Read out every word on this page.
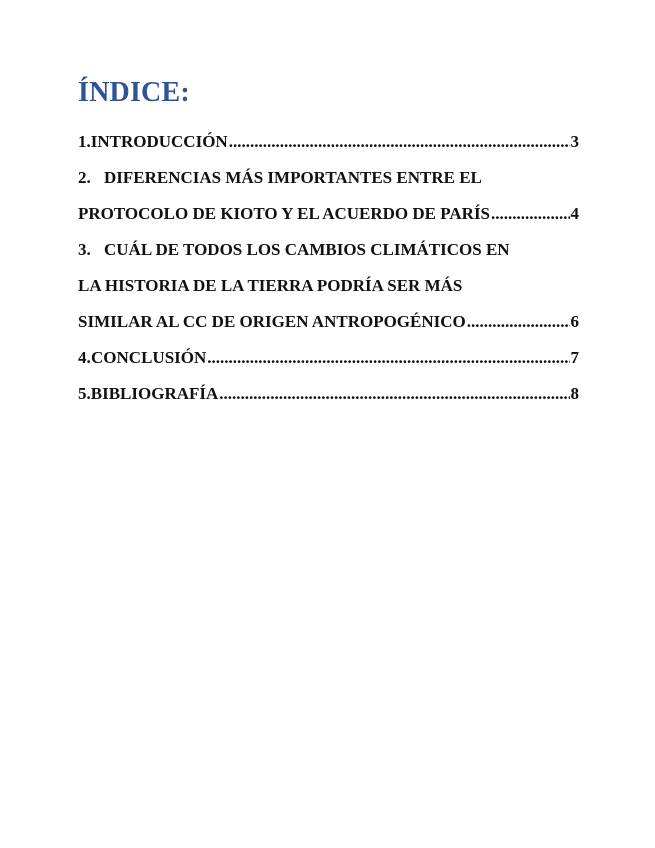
ÍNDICE:
1. INTRODUCCIÓN .....	3
2. DIFERENCIAS MÁS IMPORTANTES ENTRE EL
PROTOCOLO DE KIOTO Y EL ACUERDO DE PARÍS .....	4
3. CUÁL DE TODOS LOS CAMBIOS CLIMÁTICOS EN
LA HISTORIA DE LA TIERRA PODRÍA SER MÁS
SIMILAR AL CC DE ORIGEN ANTROPOGÉNICO .....	6
4. CONCLUSIÓN .....	7
5. BIBLIOGRAFÍA .....	8
